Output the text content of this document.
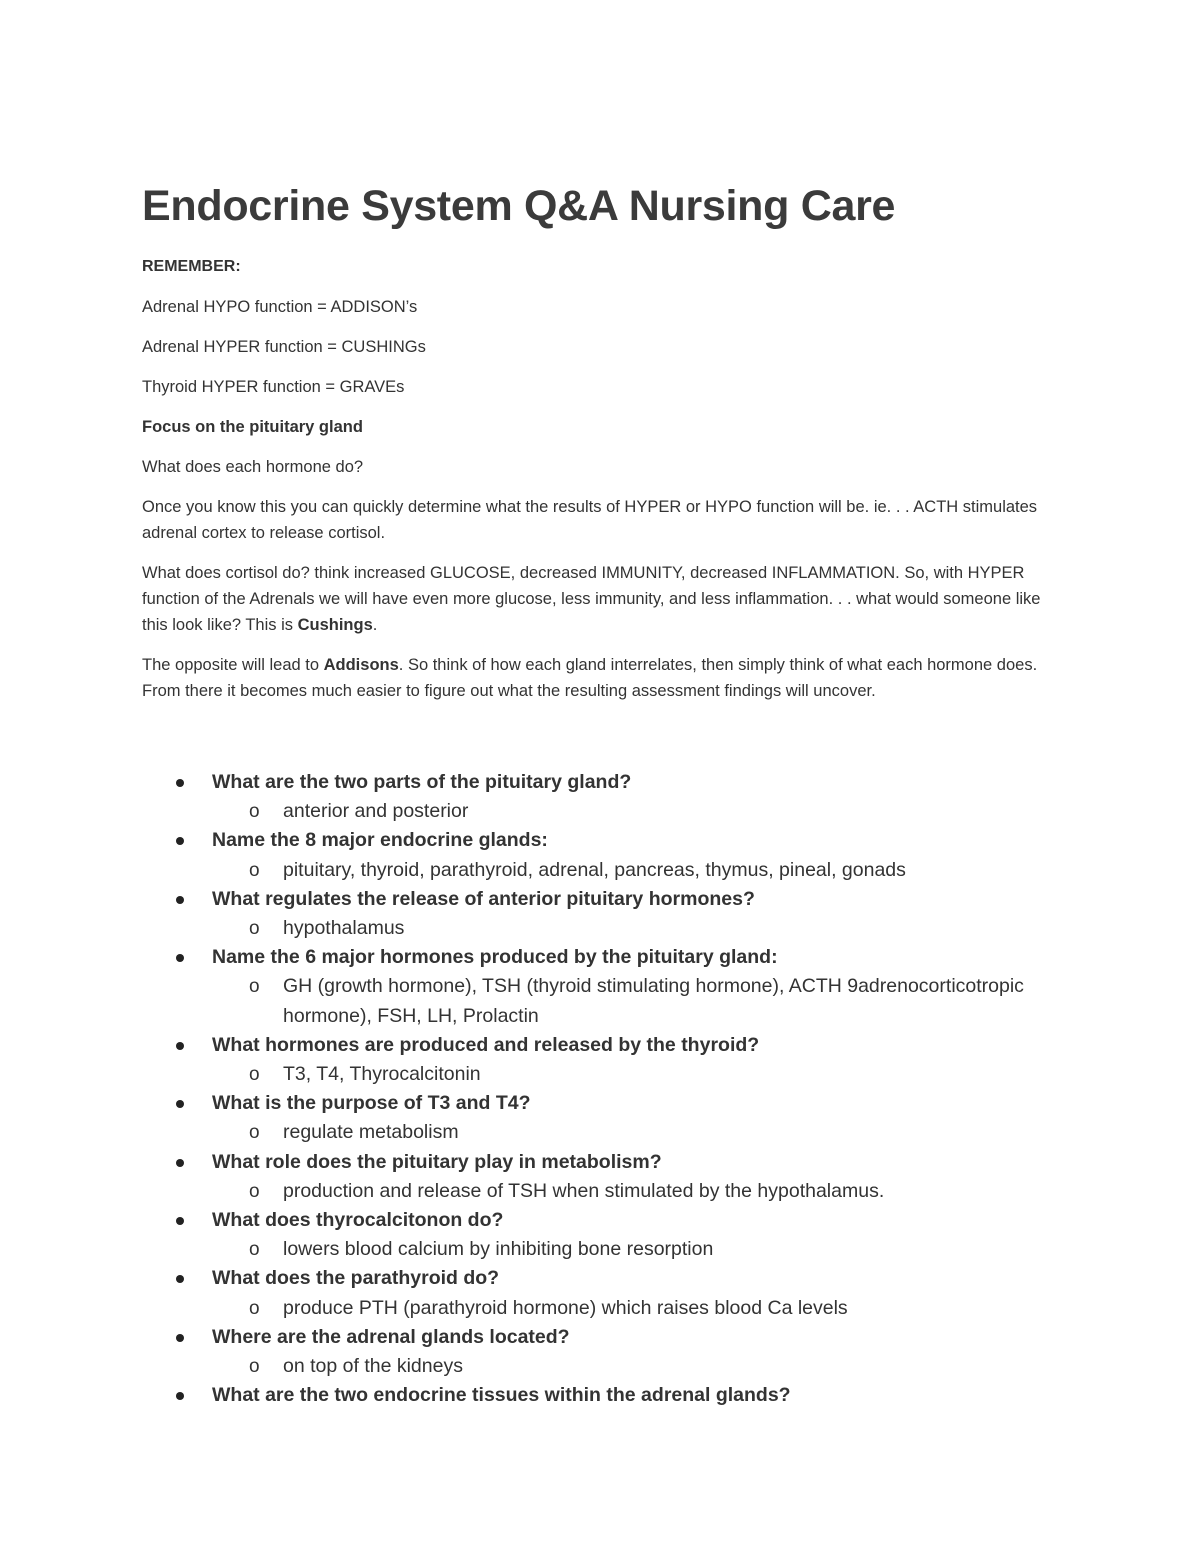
Endocrine System Q&A Nursing Care

REMEMBER:

Adrenal HYPO function = ADDISON’s

Adrenal HYPER function = CUSHINGs

Thyroid HYPER function = GRAVEs

Focus on the pituitary gland

What does each hormone do?

Once you know this you can quickly determine what the results of HYPER or HYPO function will be. ie. . . ACTH stimulates adrenal cortex to release cortisol.

What does cortisol do? think increased GLUCOSE, decreased IMMUNITY, decreased INFLAMMATION. So, with HYPER function of the Adrenals we will have even more glucose, less immunity, and less inflammation. . . what would someone like this look like? This is Cushings.

The opposite will lead to Addisons. So think of how each gland interrelates, then simply think of what each hormone does. From there it becomes much easier to figure out what the resulting assessment findings will uncover.

What are the two parts of the pituitary gland?
o anterior and posterior
Name the 8 major endocrine glands:
o pituitary, thyroid, parathyroid, adrenal, pancreas, thymus, pineal, gonads
What regulates the release of anterior pituitary hormones?
o hypothalamus
Name the 6 major hormones produced by the pituitary gland:
o GH (growth hormone), TSH (thyroid stimulating hormone), ACTH 9adrenocorticotropic hormone), FSH, LH, Prolactin
What hormones are produced and released by the thyroid?
o T3, T4, Thyrocalcitonin
What is the purpose of T3 and T4?
o regulate metabolism
What role does the pituitary play in metabolism?
o production and release of TSH when stimulated by the hypothalamus.
What does thyrocalcitonon do?
o lowers blood calcium by inhibiting bone resorption
What does the parathyroid do?
o produce PTH (parathyroid hormone) which raises blood Ca levels
Where are the adrenal glands located?
o on top of the kidneys
What are the two endocrine tissues within the adrenal glands?
